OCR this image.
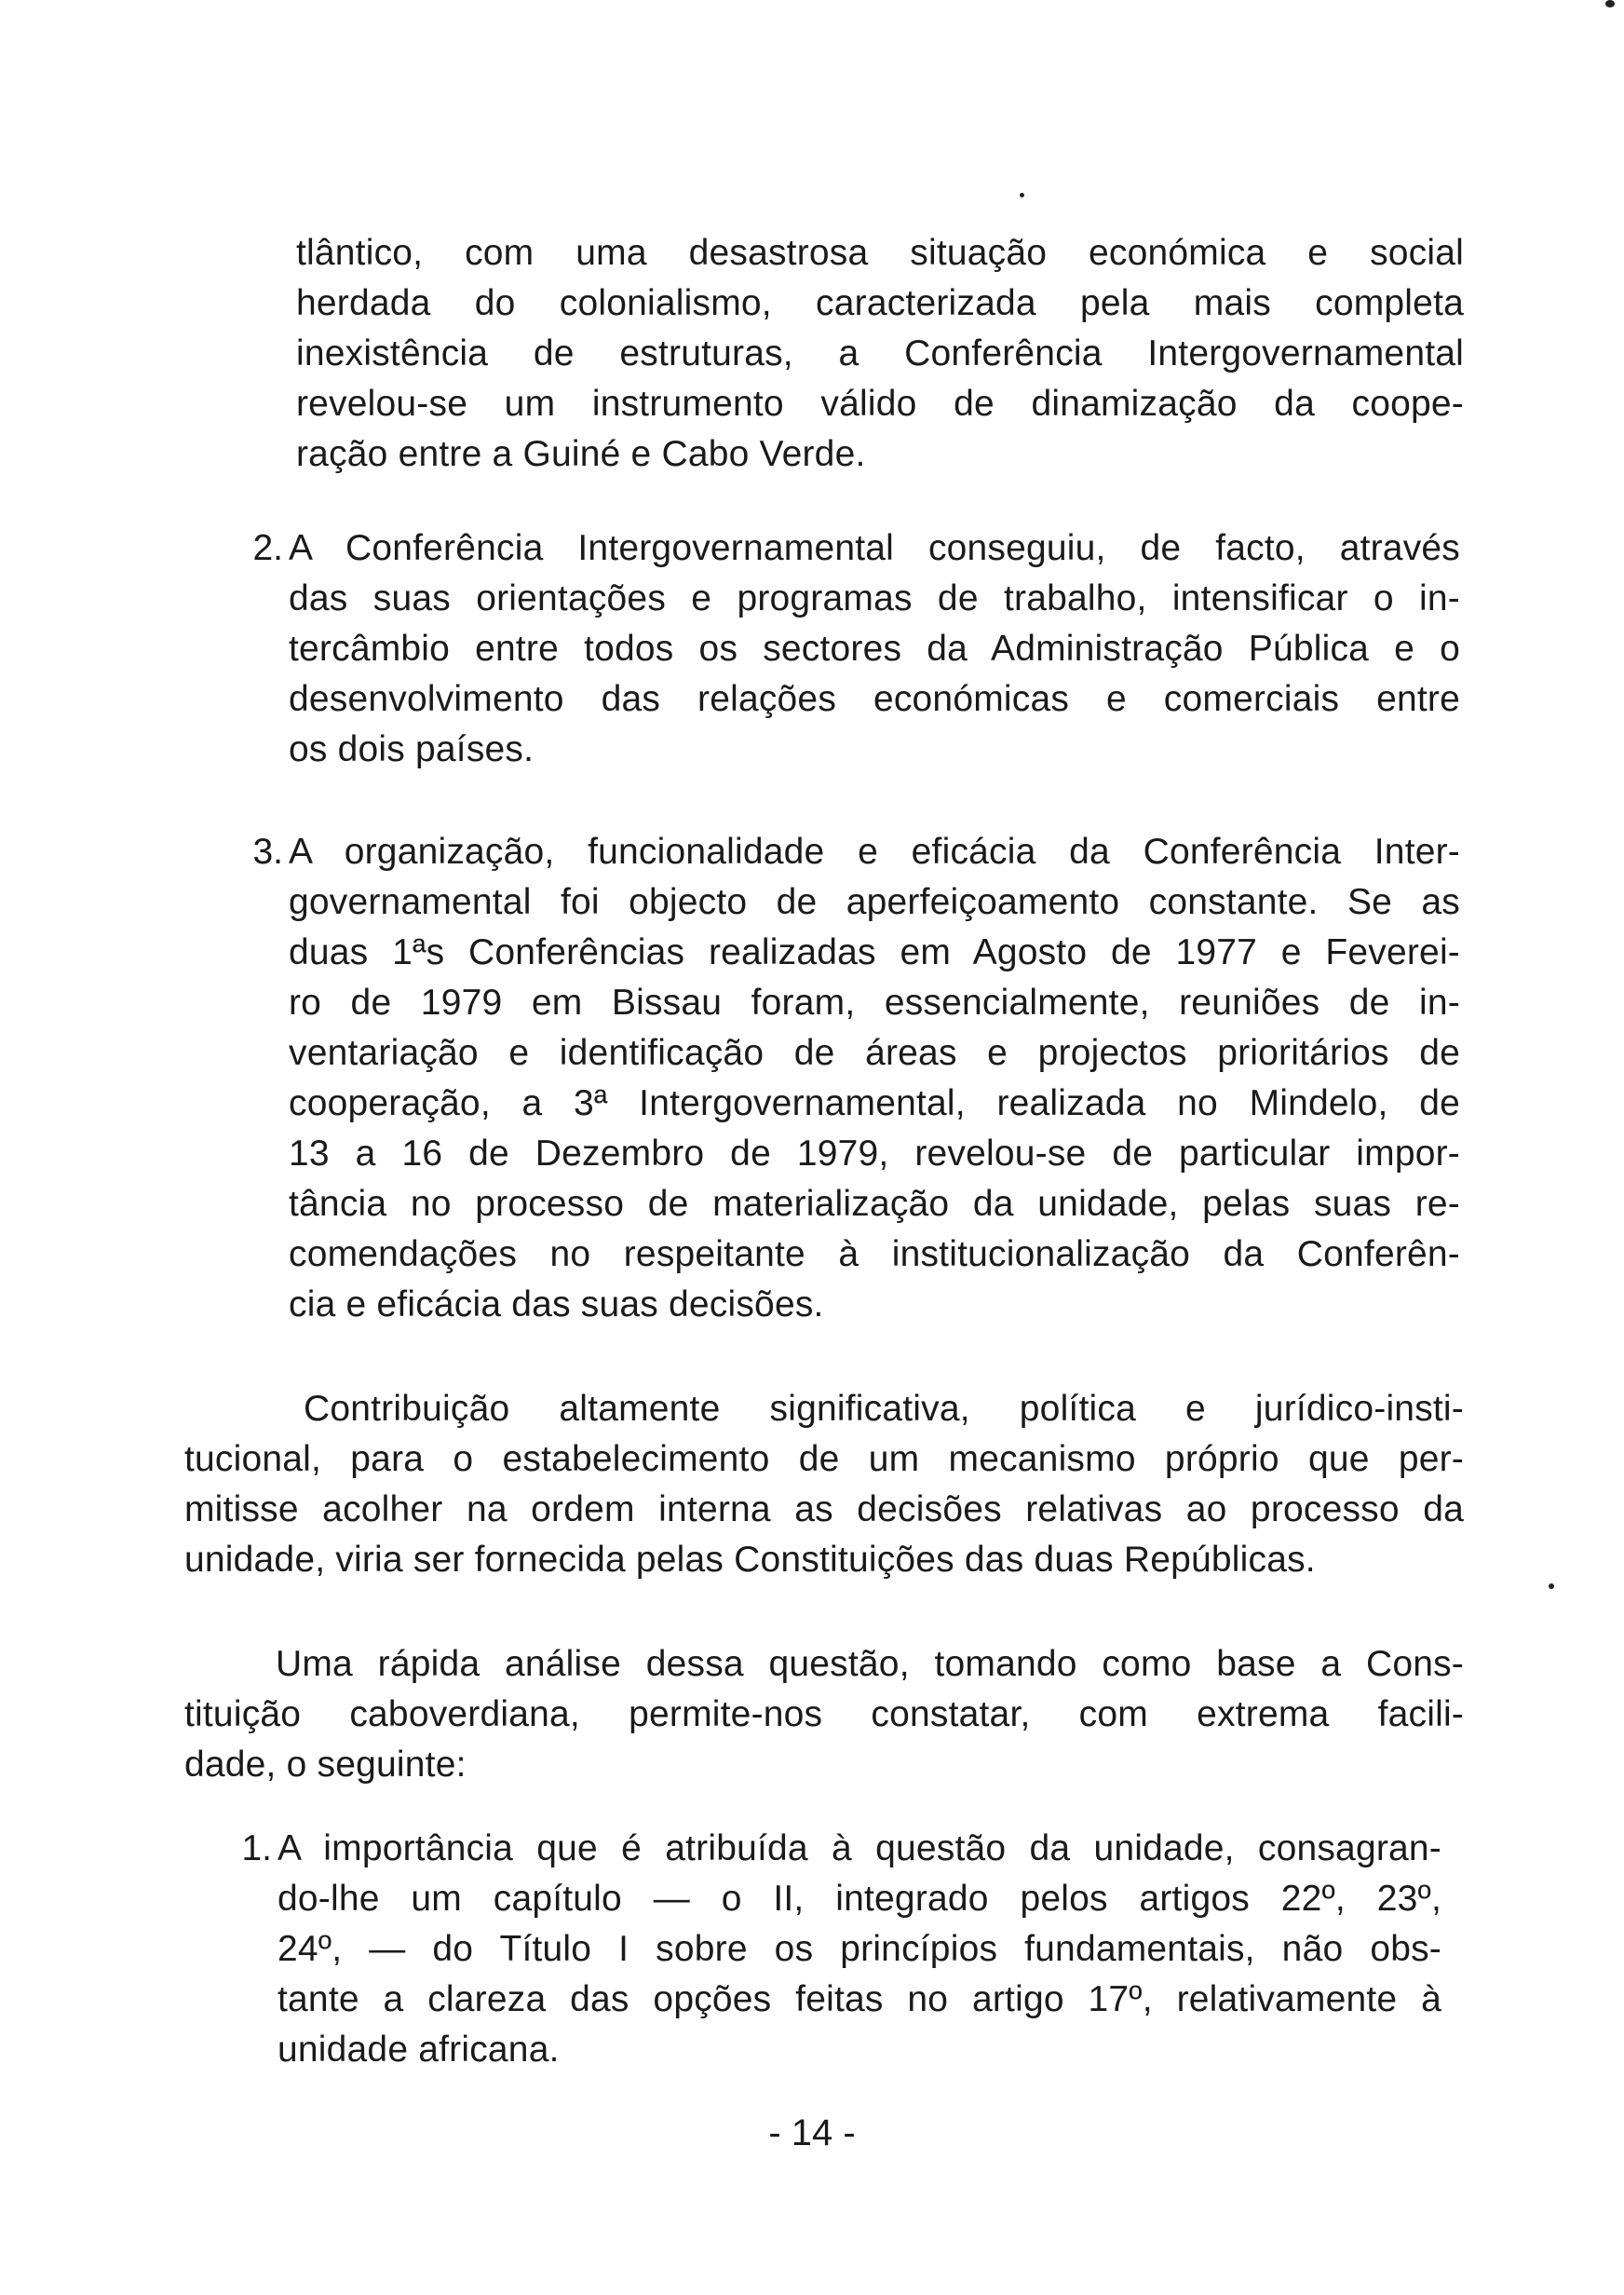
tlântico, com uma desastrosa situação económica e social
herdada do colonialismo, caracterizada pela mais completa
inexistência de estruturas, a Conferência Intergovernamental
revelou-se um instrumento válido de dinamização da coope-
ração entre a Guiné e Cabo Verde.
2. A Conferência Intergovernamental conseguiu, de facto, através
das suas orientações e programas de trabalho, intensificar o in-
tercâmbio entre todos os sectores da Administração Pública e o
desenvolvimento das relações económicas e comerciais entre
os dois países.
3. A organização, funcionalidade e eficácia da Conferência Inter-
governamental foi objecto de aperfeiçoamento constante. Se as
duas 1ªs Conferências realizadas em Agosto de 1977 e Feverei-
ro de 1979 em Bissau foram, essencialmente, reuniões de in-
ventariação e identificação de áreas e projectos prioritários de
cooperação, a 3ª Intergovernamental, realizada no Mindelo, de
13 a 16 de Dezembro de 1979, revelou-se de particular impor-
tância no processo de materialização da unidade, pelas suas re-
comendações no respeitante à institucionalização da Conferên-
cia e eficácia das suas decisões.
Contribuição altamente significativa, política e jurídico-insti-
tucional, para o estabelecimento de um mecanismo próprio que per-
mitisse acolher na ordem interna as decisões relativas ao processo da
unidade, viria ser fornecida pelas Constituições das duas Repúblicas.
Uma rápida análise dessa questão, tomando como base a Cons-
tituição caboverdiana, permite-nos constatar, com extrema facili-
dade, o seguinte:
1. A importância que é atribuída à questão da unidade, consagran-
do-lhe um capítulo — o II, integrado pelos artigos 22º, 23º,
24º, — do Título I sobre os princípios fundamentais, não obs-
tante a clareza das opções feitas no artigo 17º, relativamente à
unidade africana.
- 14 -
